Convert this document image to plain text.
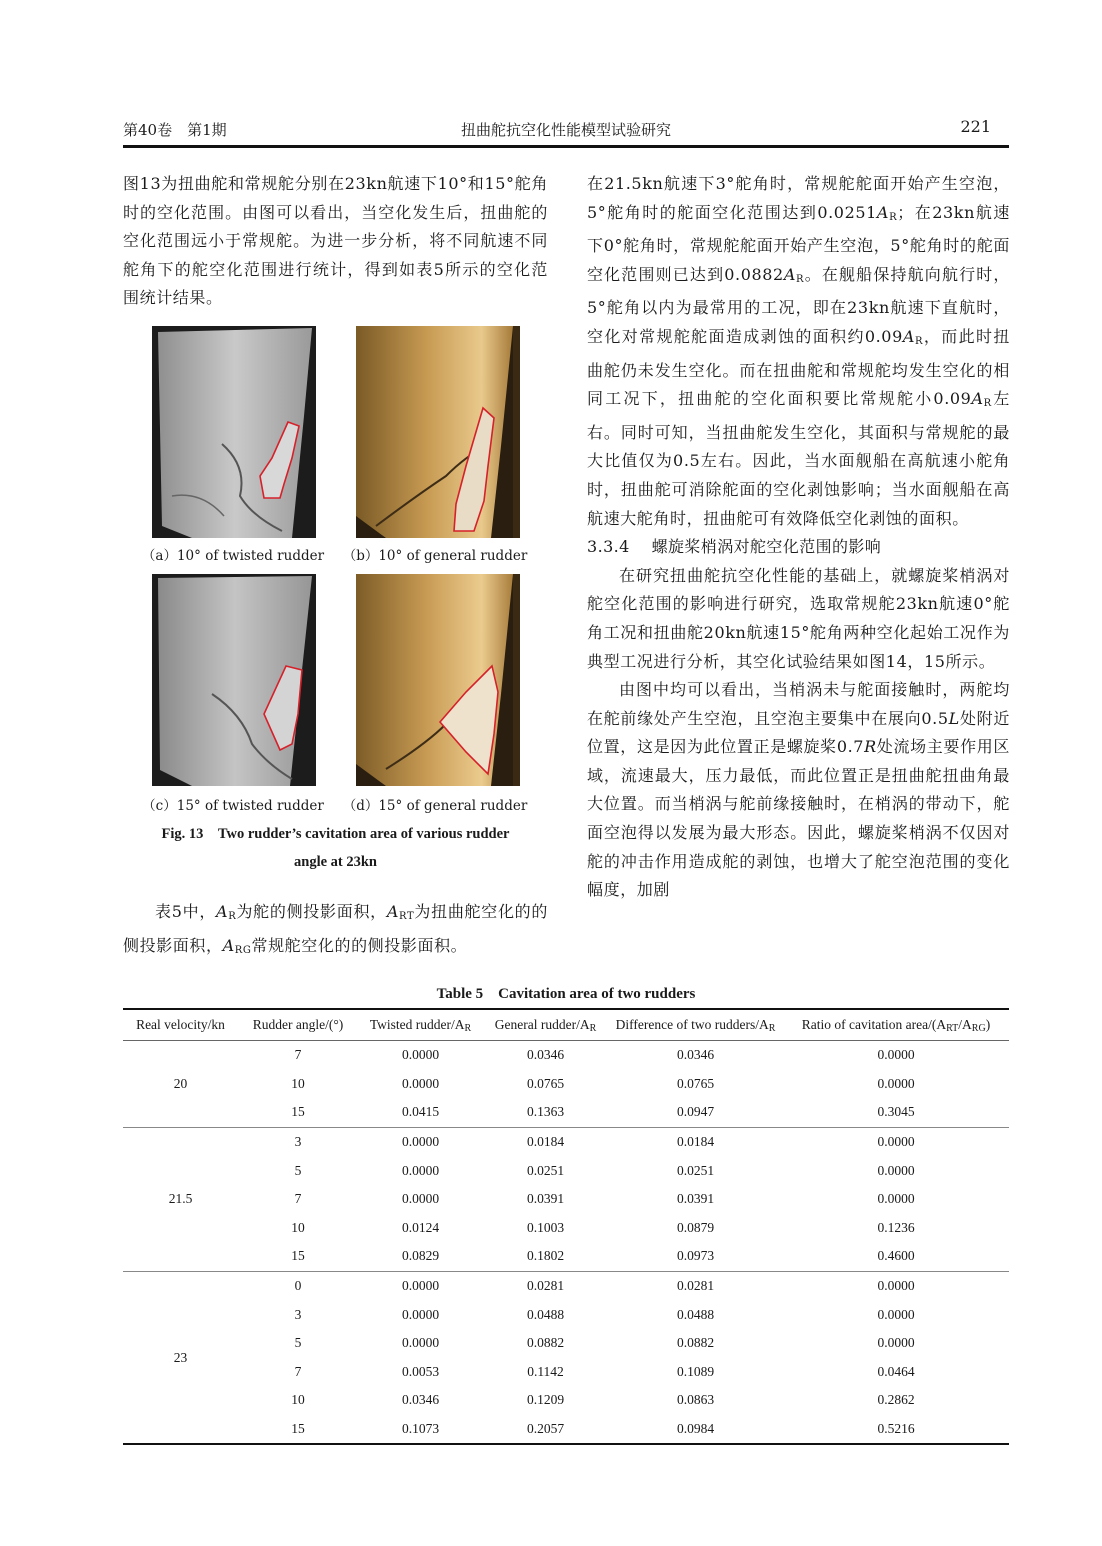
第40卷　第1期	扭曲舵抗空化性能模型试验研究	221

图13为扭曲舵和常规舵分别在23kn航速下10°和15°舵角时的空化范围。由图可以看出，当空化发生后，扭曲舵的空化范围远小于常规舵。为进一步分析，将不同航速不同舵角下的舵空化范围进行统计，得到如表5所示的空化范围统计结果。

（a）10° of twisted rudder	（b）10° of general rudder
（c）15° of twisted rudder	（d）15° of general rudder
Fig. 13　Two rudder’s cavitation area of various rudder
angle at 23kn

表5中，$A_R$为舵的侧投影面积，$A_{RT}$为扭曲舵空化的的侧投影面积，$A_{RG}$常规舵空化的的侧投影面积。

在21.5kn航速下3°舵角时，常规舵舵面开始产生空泡，5°舵角时的舵面空化范围达到$0.0251A_R$；在23kn航速下0°舵角时，常规舵舵面开始产生空泡，5°舵角时的舵面空化范围则已达到$0.0882A_R$。在舰船保持航向航行时，5°舵角以内为最常用的工况，即在23kn航速下直航时，空化对常规舵舵面造成剥蚀的面积约$0.09A_R$，而此时扭曲舵仍未发生空化。而在扭曲舵和常规舵均发生空化的相同工况下，扭曲舵的空化面积要比常规舵小$0.09A_R$左右。同时可知，当扭曲舵发生空化，其面积与常规舵的最大比值仅为0.5左右。因此，当水面舰船在高航速小舵角时，扭曲舵可消除舵面的空化剥蚀影响；当水面舰船在高航速大舵角时，扭曲舵可有效降低空化剥蚀的面积。

3.3.4　 螺旋桨梢涡对舵空化范围的影响

在研究扭曲舵抗空化性能的基础上，就螺旋桨梢涡对舵空化范围的影响进行研究，选取常规舵23kn航速0°舵角工况和扭曲舵20kn航速15°舵角两种空化起始工况作为典型工况进行分析，其空化试验结果如图14，15所示。

由图中均可以看出，当梢涡未与舵面接触时，两舵均在舵前缘处产生空泡，且空泡主要集中在展向0.5L处附近位置，这是因为此位置正是螺旋桨0.7R处流场主要作用区域，流速最大，压力最低，而此位置正是扭曲舵扭曲角最大位置。而当梢涡与舵前缘接触时，在梢涡的带动下，舵面空泡得以发展为最大形态。因此，螺旋桨梢涡不仅因对舵的冲击作用造成舵的剥蚀，也增大了舵空泡范围的变化幅度，加剧

Table 5　Cavitation area of two rudders
Real velocity/kn	Rudder angle/(°)	Twisted rudder/$A_R$	General rudder/$A_R$	Difference of two rudders/$A_R$	Ratio of cavitation area/$(A_{RT}/A_{RG})$
20	7	0.0000	0.0346	0.0346	0.0000
	10	0.0000	0.0765	0.0765	0.0000
	15	0.0415	0.1363	0.0947	0.3045
21.5	3	0.0000	0.0184	0.0184	0.0000
	5	0.0000	0.0251	0.0251	0.0000
	7	0.0000	0.0391	0.0391	0.0000
	10	0.0124	0.1003	0.0879	0.1236
	15	0.0829	0.1802	0.0973	0.4600
23	0	0.0000	0.0281	0.0281	0.0000
	3	0.0000	0.0488	0.0488	0.0000
	5	0.0000	0.0882	0.0882	0.0000
	7	0.0053	0.1142	0.1089	0.0464
	10	0.0346	0.1209	0.0863	0.2862
	15	0.1073	0.2057	0.0984	0.5216
